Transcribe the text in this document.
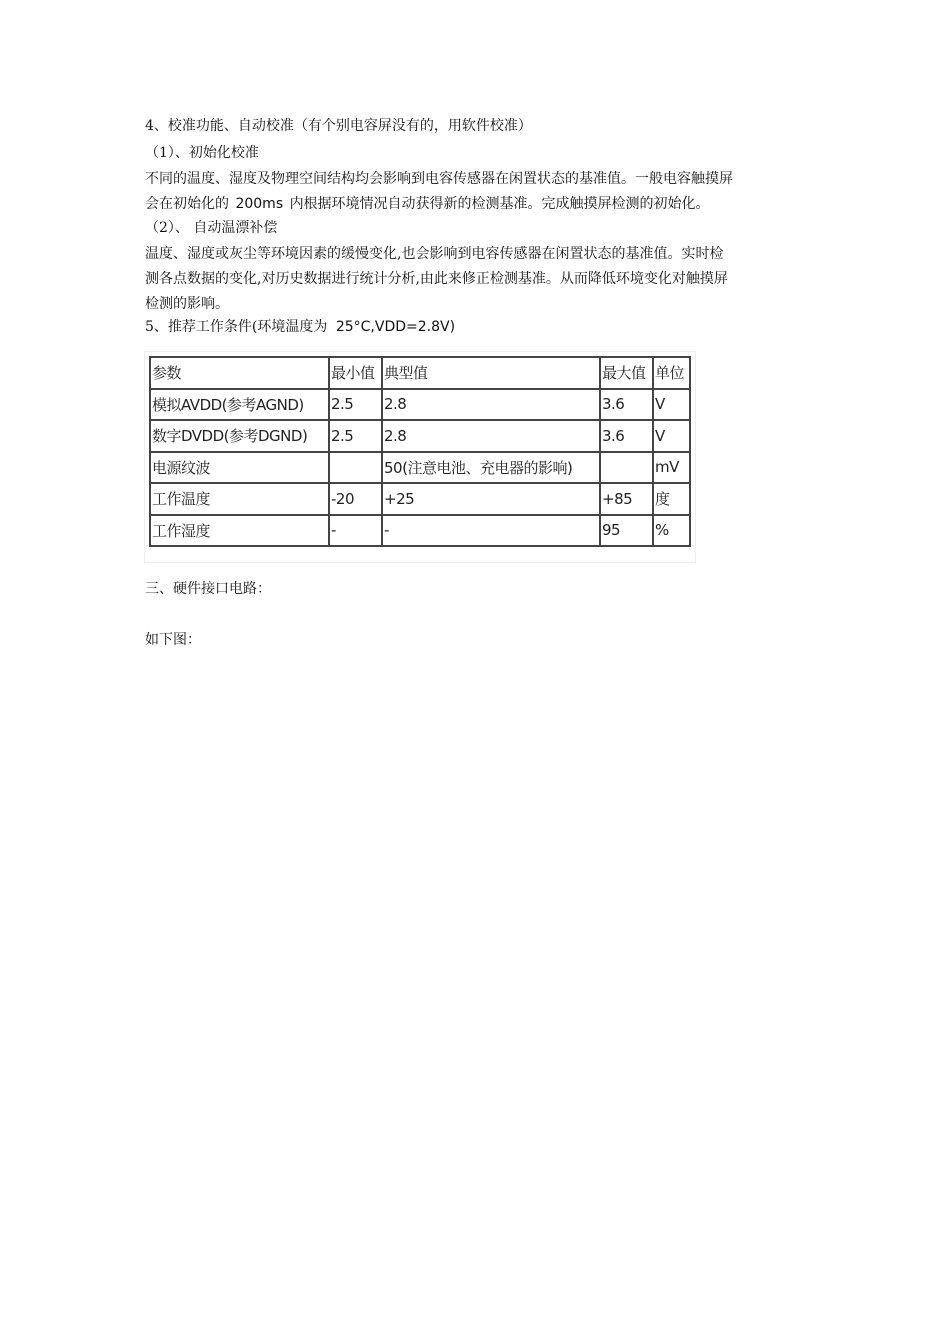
4、校准功能、自动校准（有个别电容屏没有的，用软件校准）
（1）、初始化校准
不同的温度、湿度及物理空间结构均会影响到电容传感器在闲置状态的基准值。一般电容触摸屏
会在初始化的 200ms 内根据环境情况自动获得新的检测基准。完成触摸屏检测的初始化。
（2）、 自动温漂补偿
温度、湿度或灰尘等环境因素的缓慢变化,也会影响到电容传感器在闲置状态的基准值。实时检
测各点数据的变化,对历史数据进行统计分析,由此来修正检测基准。从而降低环境变化对触摸屏
检测的影响。
5、推荐工作条件(环境温度为 25°C,VDD=2.8V)
参数	最小值	典型值	最大值	单位
模拟AVDD(参考AGND)	2.5	2.8	3.6	V
数字DVDD(参考DGND)	2.5	2.8	3.6	V
电源纹波		50(注意电池、充电器的影响)		mV
工作温度	-20	+25	+85	度
工作湿度	-	-	95	%
三、硬件接口电路：
如下图：
